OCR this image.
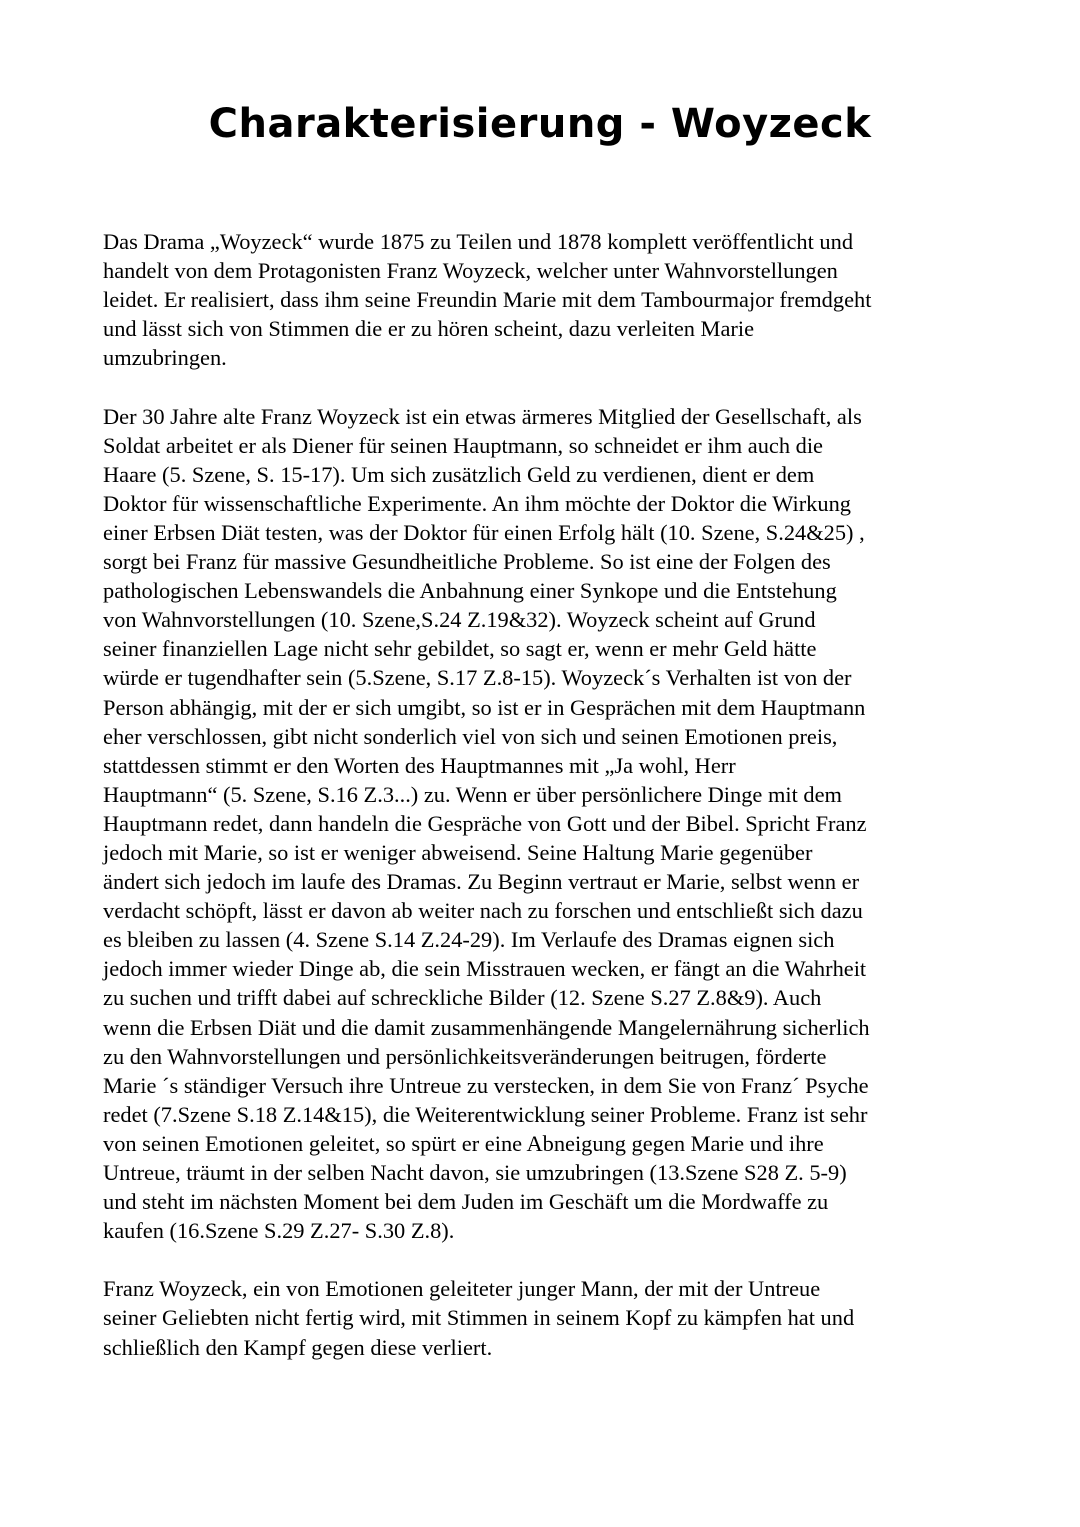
Charakterisierung - Woyzeck

Das Drama „Woyzeck“ wurde 1875 zu Teilen und 1878 komplett veröffentlicht und
handelt von dem Protagonisten Franz Woyzeck, welcher unter Wahnvorstellungen
leidet. Er realisiert, dass ihm seine Freundin Marie mit dem Tambourmajor fremdgeht
und lässt sich von Stimmen die er zu hören scheint, dazu verleiten Marie
umzubringen.

Der 30 Jahre alte Franz Woyzeck ist ein etwas ärmeres Mitglied der Gesellschaft, als
Soldat arbeitet er als Diener für seinen Hauptmann, so schneidet er ihm auch die
Haare (5. Szene, S. 15-17). Um sich zusätzlich Geld zu verdienen, dient er dem
Doktor für wissenschaftliche Experimente. An ihm möchte der Doktor die Wirkung
einer Erbsen Diät testen, was der Doktor für einen Erfolg hält (10. Szene, S.24&25) ,
sorgt bei Franz für massive Gesundheitliche Probleme. So ist eine der Folgen des
pathologischen Lebenswandels die Anbahnung einer Synkope und die Entstehung
von Wahnvorstellungen (10. Szene,S.24 Z.19&32). Woyzeck scheint auf Grund
seiner finanziellen Lage nicht sehr gebildet, so sagt er, wenn er mehr Geld hätte
würde er tugendhafter sein (5.Szene, S.17 Z.8-15). Woyzeck´s Verhalten ist von der
Person abhängig, mit der er sich umgibt, so ist er in Gesprächen mit dem Hauptmann
eher verschlossen, gibt nicht sonderlich viel von sich und seinen Emotionen preis,
stattdessen stimmt er den Worten des Hauptmannes mit „Ja wohl, Herr
Hauptmann“ (5. Szene, S.16 Z.3...) zu. Wenn er über persönlichere Dinge mit dem
Hauptmann redet, dann handeln die Gespräche von Gott und der Bibel. Spricht Franz
jedoch mit Marie, so ist er weniger abweisend. Seine Haltung Marie gegenüber
ändert sich jedoch im laufe des Dramas. Zu Beginn vertraut er Marie, selbst wenn er
verdacht schöpft, lässt er davon ab weiter nach zu forschen und entschließt sich dazu
es bleiben zu lassen (4. Szene S.14 Z.24-29). Im Verlaufe des Dramas eignen sich
jedoch immer wieder Dinge ab, die sein Misstrauen wecken, er fängt an die Wahrheit
zu suchen und trifft dabei auf schreckliche Bilder (12. Szene S.27 Z.8&9). Auch
wenn die Erbsen Diät und die damit zusammenhängende Mangelernährung sicherlich
zu den Wahnvorstellungen und persönlichkeitsveränderungen beitrugen, förderte
Marie ´s ständiger Versuch ihre Untreue zu verstecken, in dem Sie von Franz´ Psyche
redet (7.Szene S.18 Z.14&15), die Weiterentwicklung seiner Probleme. Franz ist sehr
von seinen Emotionen geleitet, so spürt er eine Abneigung gegen Marie und ihre
Untreue, träumt in der selben Nacht davon, sie umzubringen (13.Szene S28 Z. 5-9)
und steht im nächsten Moment bei dem Juden im Geschäft um die Mordwaffe zu
kaufen (16.Szene S.29 Z.27- S.30 Z.8).

Franz Woyzeck, ein von Emotionen geleiteter junger Mann, der mit der Untreue
seiner Geliebten nicht fertig wird, mit Stimmen in seinem Kopf zu kämpfen hat und
schließlich den Kampf gegen diese verliert.
